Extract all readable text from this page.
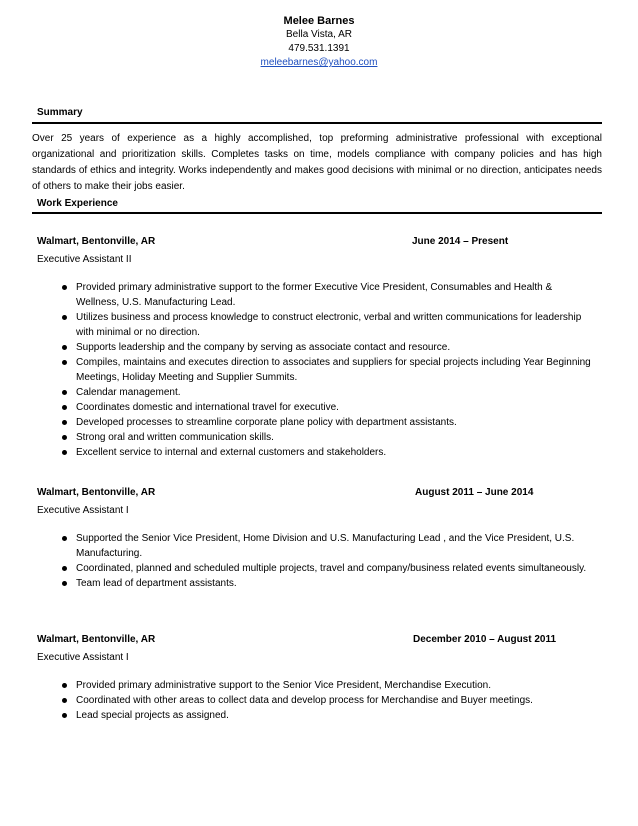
Melee Barnes
Bella Vista, AR
479.531.1391
meleebarnes@yahoo.com
Summary
Over 25 years of experience as a highly accomplished, top preforming administrative professional with exceptional organizational and prioritization skills. Completes tasks on time, models compliance with company policies and has high standards of ethics and integrity. Works independently and makes good decisions with minimal or no direction, anticipates needs of others to make their jobs easier.
Work Experience
Walmart, Bentonville, AR	June 2014 – Present
Executive Assistant II
Provided primary administrative support to the former Executive Vice President, Consumables and Health & Wellness, U.S. Manufacturing Lead.
Utilizes business and process knowledge to construct electronic, verbal and written communications for leadership with minimal or no direction.
Supports leadership and the company by serving as associate contact and resource.
Compiles, maintains and executes direction to associates and suppliers for special projects including Year Beginning Meetings, Holiday Meeting and Supplier Summits.
Calendar management.
Coordinates domestic and international travel for executive.
Developed processes to streamline corporate plane policy with department assistants.
Strong oral and written communication skills.
Excellent service to internal and external customers and stakeholders.
Walmart, Bentonville, AR	August 2011 – June 2014
Executive Assistant I
Supported the Senior Vice President, Home Division and U.S. Manufacturing Lead , and the Vice President, U.S. Manufacturing.
Coordinated, planned and scheduled multiple projects, travel and company/business related events simultaneously.
Team lead of department assistants.
Walmart, Bentonville, AR	December 2010 – August 2011
Executive Assistant I
Provided primary administrative support to the Senior Vice President, Merchandise Execution.
Coordinated with other areas to collect data and develop process for Merchandise and Buyer meetings.
Lead special projects as assigned.
